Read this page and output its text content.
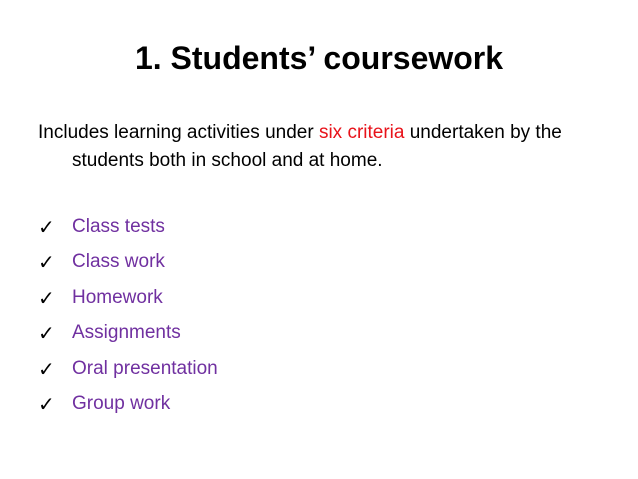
1. Students’ coursework
Includes learning activities under six criteria undertaken by the students both in school and at home.
✓ Class tests
✓ Class work
✓ Homework
✓ Assignments
✓ Oral presentation
✓ Group work
